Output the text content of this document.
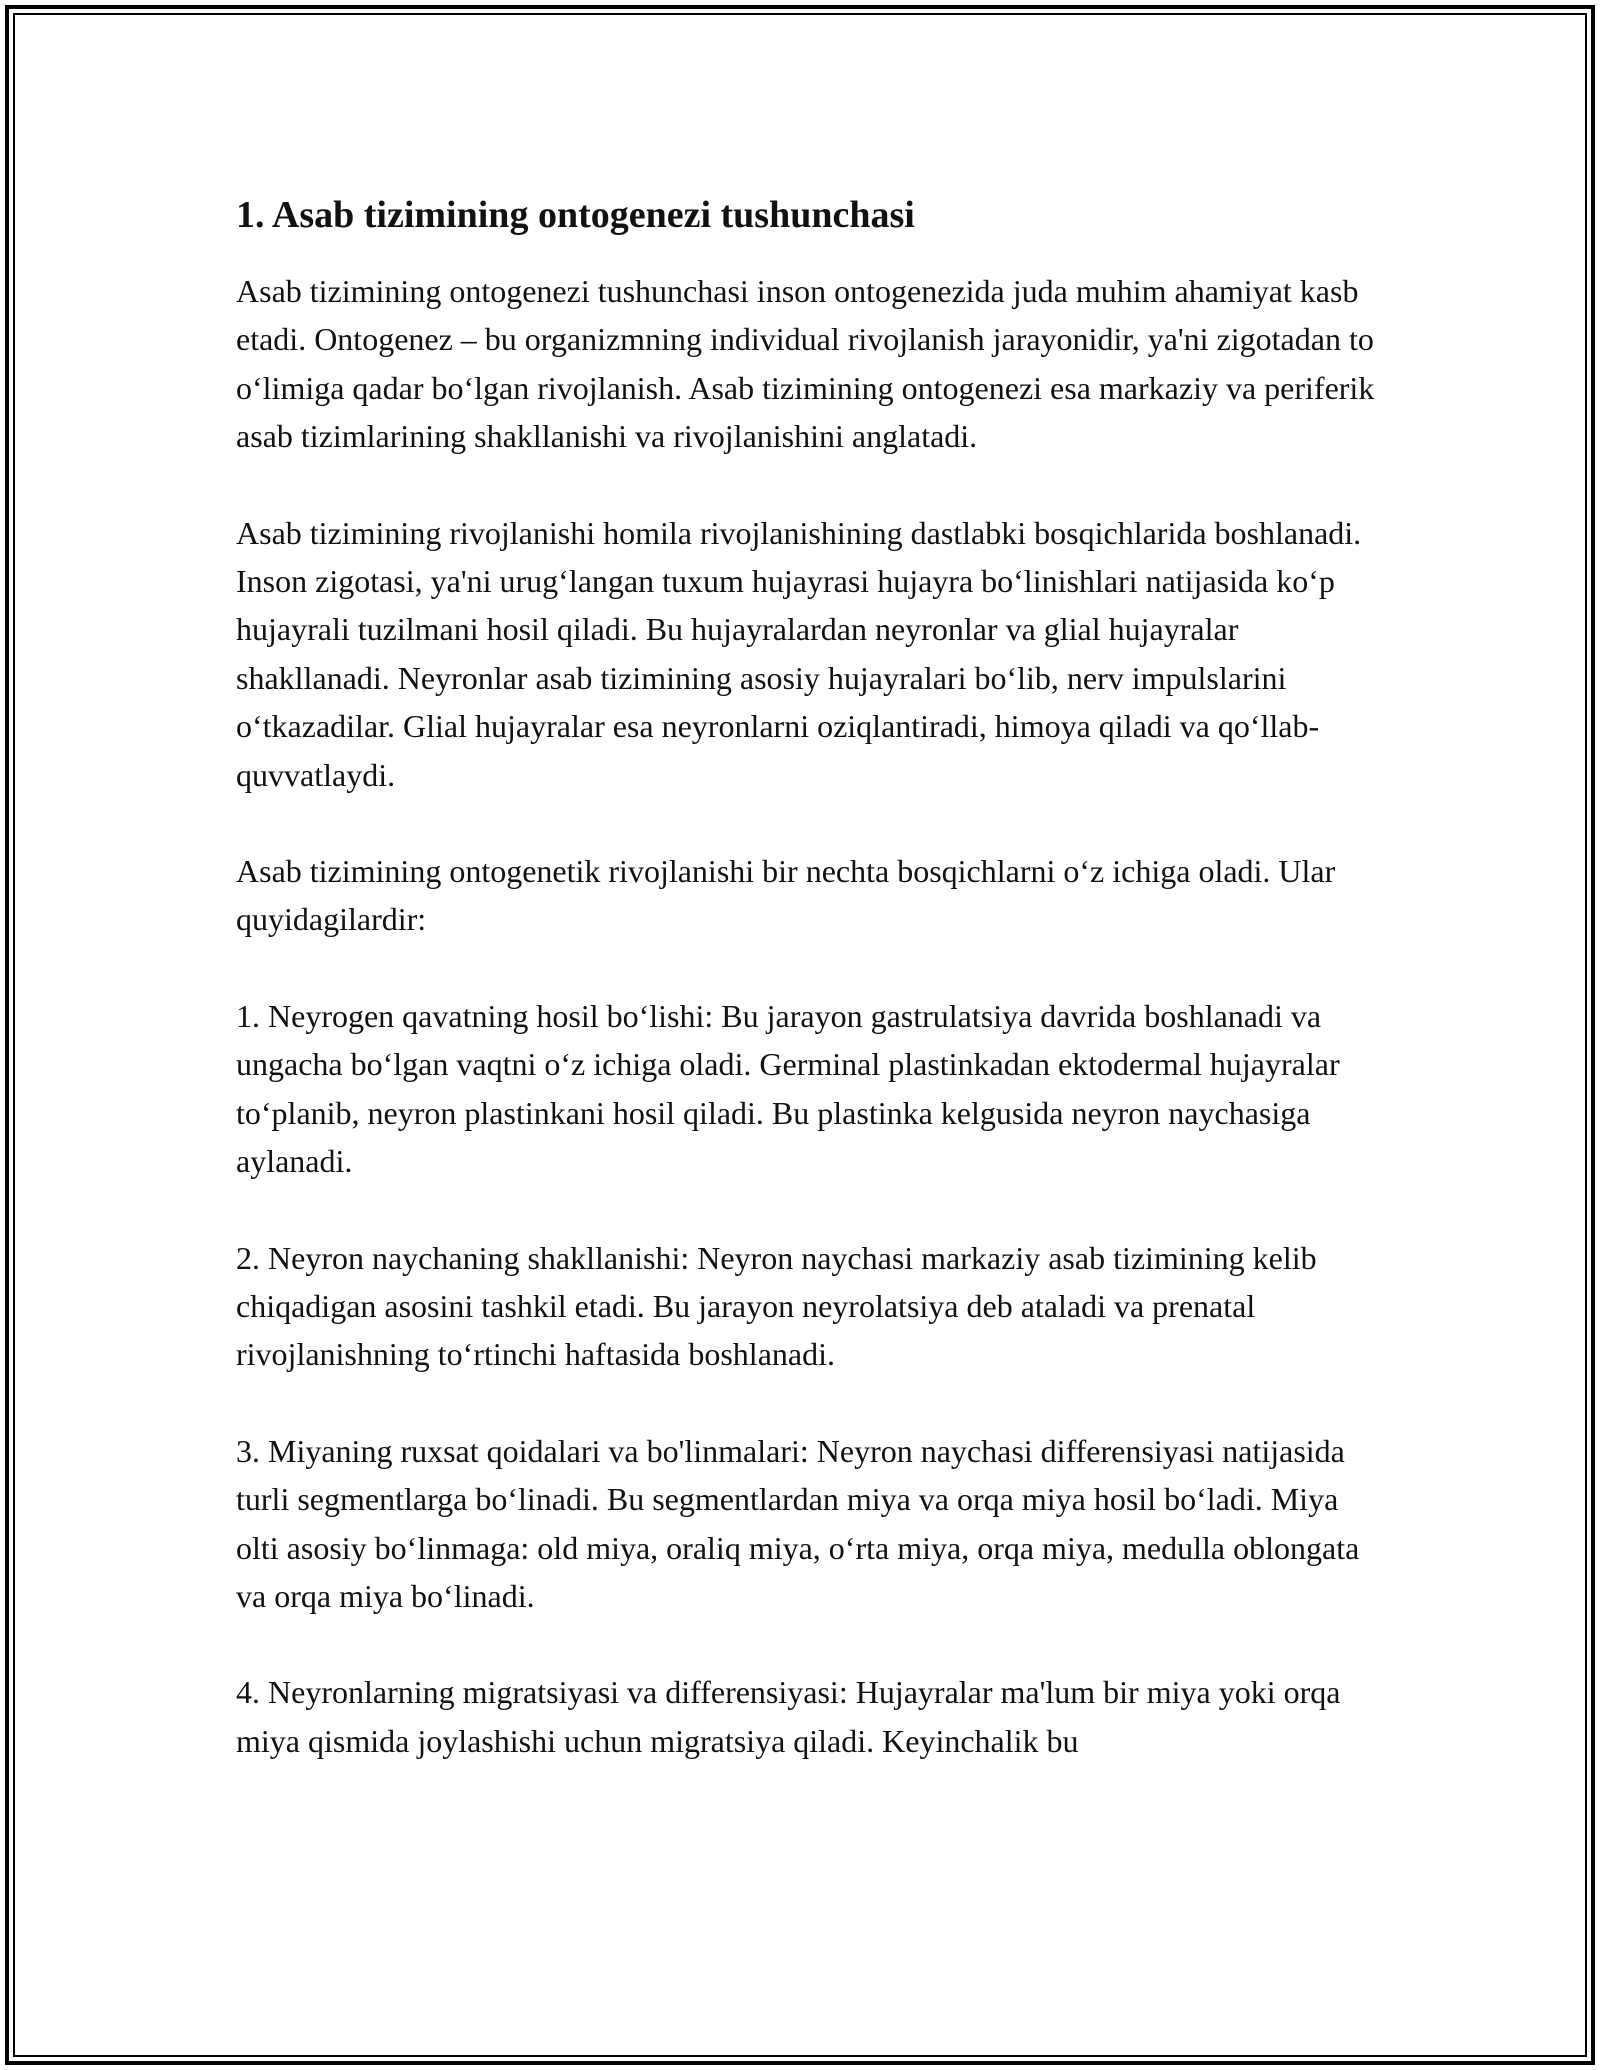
1. Asab tizimining ontogenezi tushunchasi

Asab tizimining ontogenezi tushunchasi inson ontogenezida juda muhim ahamiyat kasb etadi. Ontogenez – bu organizmning individual rivojlanish jarayonidir, ya'ni zigotadan to oʻlimiga qadar boʻlgan rivojlanish. Asab tizimining ontogenezi esa markaziy va periferik asab tizimlarining shakllanishi va rivojlanishini anglatadi.

Asab tizimining rivojlanishi homila rivojlanishining dastlabki bosqichlarida boshlanadi. Inson zigotasi, ya'ni urugʻlangan tuxum hujayrasi hujayra boʻlinishlari natijasida koʻp hujayrali tuzilmani hosil qiladi. Bu hujayralardan neyronlar va glial hujayralar shakllanadi. Neyronlar asab tizimining asosiy hujayralari boʻlib, nerv impulslarini oʻtkazadilar. Glial hujayralar esa neyronlarni oziqlantiradi, himoya qiladi va qoʻllab-quvvatlaydi.

Asab tizimining ontogenetik rivojlanishi bir nechta bosqichlarni oʻz ichiga oladi. Ular quyidagilardir:

1. Neyrogen qavatning hosil boʻlishi: Bu jarayon gastrulatsiya davrida boshlanadi va ungacha boʻlgan vaqtni oʻz ichiga oladi. Germinal plastinkadan ektodermal hujayralar toʻplanib, neyron plastinkani hosil qiladi. Bu plastinka kelgusida neyron naychasiga aylanadi.

2. Neyron naychaning shakllanishi: Neyron naychasi markaziy asab tizimining kelib chiqadigan asosini tashkil etadi. Bu jarayon neyrolatsiya deb ataladi va prenatal rivojlanishning toʻrtinchi haftasida boshlanadi.

3. Miyaning ruxsat qoidalari va bo'linmalari: Neyron naychasi differensiyasi natijasida turli segmentlarga boʻlinadi. Bu segmentlardan miya va orqa miya hosil boʻladi. Miya olti asosiy boʻlinmaga: old miya, oraliq miya, oʻrta miya, orqa miya, medulla oblongata va orqa miya boʻlinadi.

4. Neyronlarning migratsiyasi va differensiyasi: Hujayralar ma'lum bir miya yoki orqa miya qismida joylashishi uchun migratsiya qiladi. Keyinchalik bu
